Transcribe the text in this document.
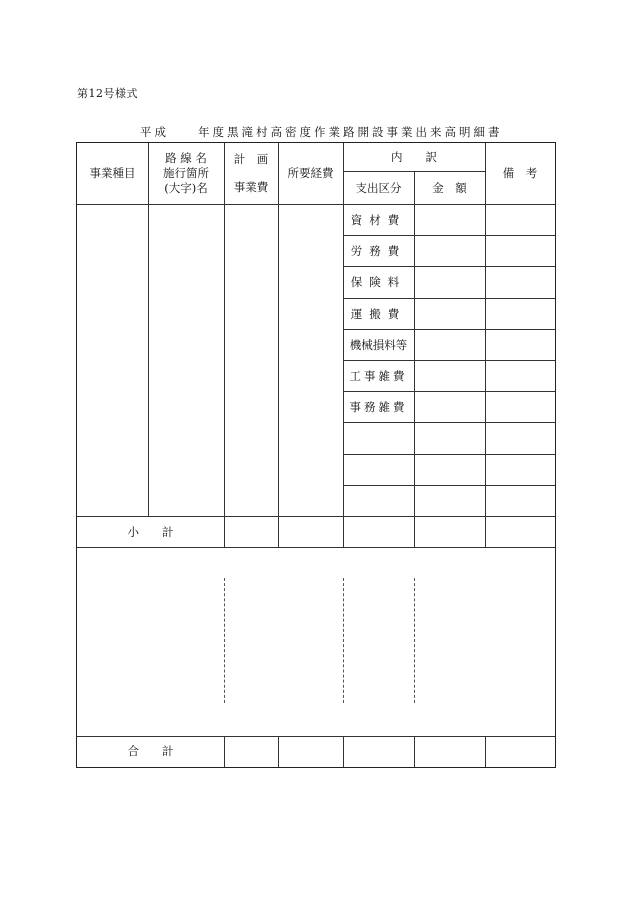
第12号様式
平成　　年度黒滝村高密度作業路開設事業出来高明細書
事業種目
路 線 名
施行箇所
(大字)名
計　画
事業費
所要経費
内　　訳
支出区分	金　額
備　考
資材費
労務費
保険料
運搬費
機械損料等
工事雑費
事務雑費
小　　計
合　　計
